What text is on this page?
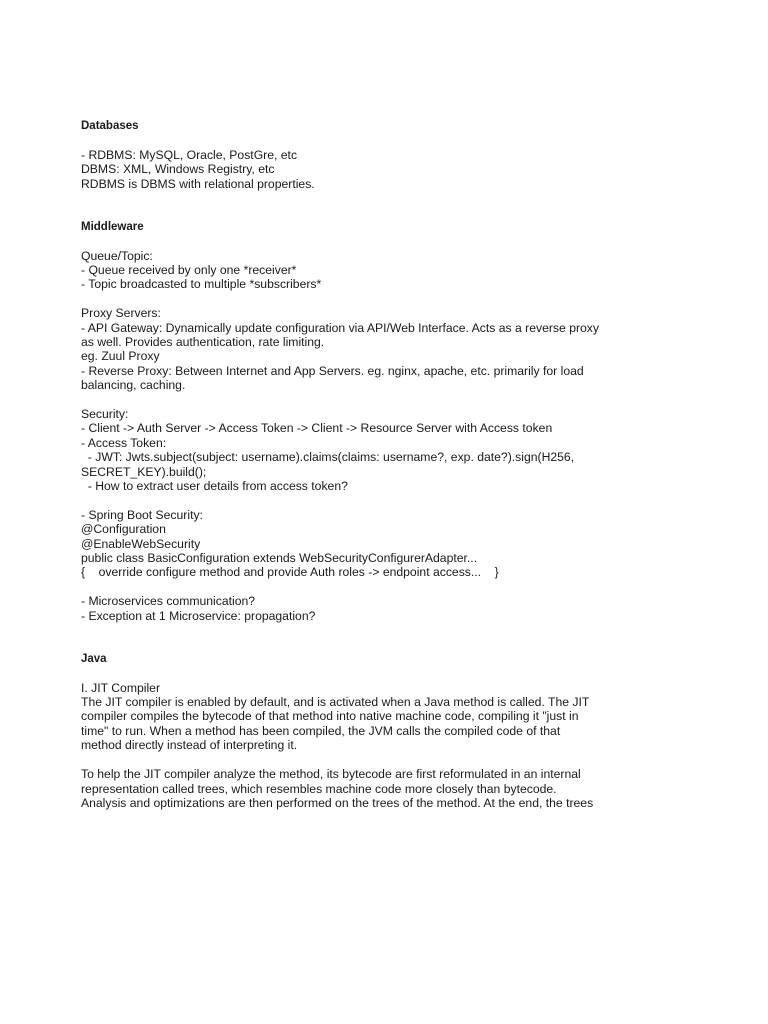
Databases
- RDBMS: MySQL, Oracle, PostGre, etc
DBMS: XML, Windows Registry, etc
RDBMS is DBMS with relational properties.
Middleware
Queue/Topic:
- Queue received by only one *receiver*
- Topic broadcasted to multiple *subscribers*
Proxy Servers:
- API Gateway: Dynamically update configuration via API/Web Interface. Acts as a reverse proxy
as well. Provides authentication, rate limiting.
eg. Zuul Proxy
- Reverse Proxy: Between Internet and App Servers. eg. nginx, apache, etc. primarily for load
balancing, caching.
Security:
- Client -> Auth Server -> Access Token -> Client -> Resource Server with Access token
- Access Token:
- JWT: Jwts.subject(subject: username).claims(claims: username?, exp. date?).sign(H256,
SECRET_KEY).build();
- How to extract user details from access token?
- Spring Boot Security:
@Configuration
@EnableWebSecurity
public class BasicConfiguration extends WebSecurityConfigurerAdapter...
{    override configure method and provide Auth roles -> endpoint access...    }
- Microservices communication?
- Exception at 1 Microservice: propagation?
Java
I. JIT Compiler
The JIT compiler is enabled by default, and is activated when a Java method is called. The JIT
compiler compiles the bytecode of that method into native machine code, compiling it "just in
time" to run. When a method has been compiled, the JVM calls the compiled code of that
method directly instead of interpreting it.
To help the JIT compiler analyze the method, its bytecode are first reformulated in an internal
representation called trees, which resembles machine code more closely than bytecode.
Analysis and optimizations are then performed on the trees of the method. At the end, the trees
